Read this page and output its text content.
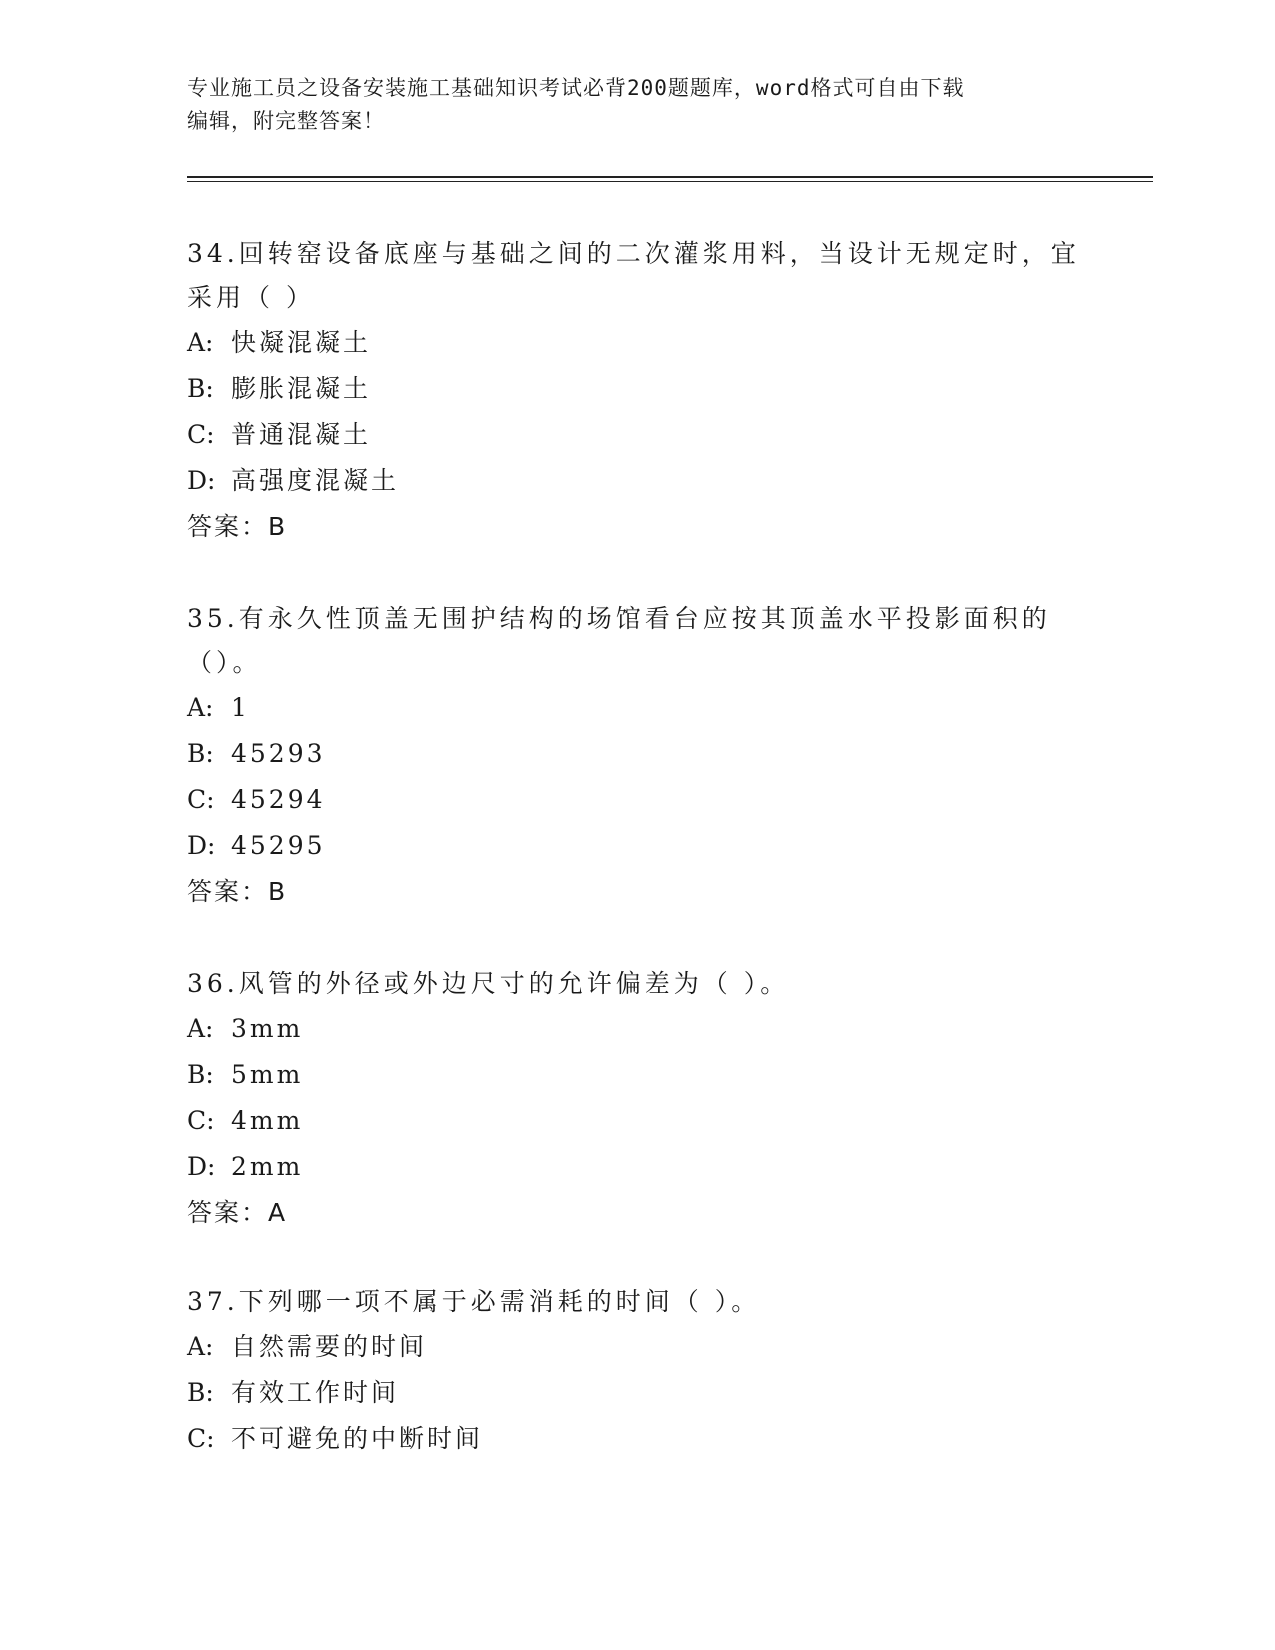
专业施工员之设备安装施工基础知识考试必背200题题库，word格式可自由下载
编辑，附完整答案！

34.回转窑设备底座与基础之间的二次灌浆用料，当设计无规定时，宜采用（ ）

A: 快凝混凝土
B: 膨胀混凝土
C: 普通混凝土
D: 高强度混凝土
答案：B

35.有永久性顶盖无围护结构的场馆看台应按其顶盖水平投影面积的（）。

A: 1
B: 45293
C: 45294
D: 45295
答案：B

36.风管的外径或外边尺寸的允许偏差为（ ）。

A: 3mm
B: 5mm
C: 4mm
D: 2mm
答案：A

37.下列哪一项不属于必需消耗的时间（ ）。

A: 自然需要的时间
B: 有效工作时间
C: 不可避免的中断时间
